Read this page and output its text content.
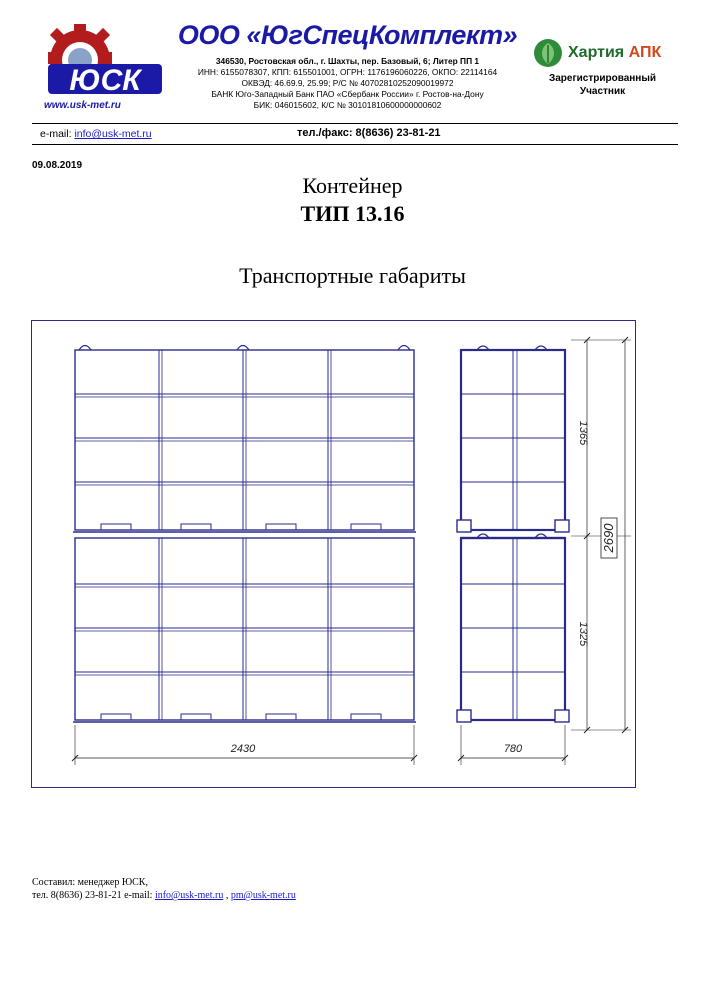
ЮСК
www.usk-met.ru
ООО «ЮгСпецКомплект»
346530, Ростовская обл., г. Шахты, пер. Базовый, 6; Литер ПП 1
ИНН: 6155078307, КПП: 615501001, ОГРН: 1176196060226, ОКПО: 22114164
ОКВЭД: 46.69.9, 25.99; Р/С № 40702810252090019972
БАНК Юго-Западный Банк ПАО «Сбербанк России» г. Ростов-на-Дону
БИК: 046015602, К/С № 30101810600000000602
Хартия АПК
Зарегистрированный
Участник
e-mail: info@usk-met.ru	тел./факс: 8(8636) 23-81-21
09.08.2019
Контейнер
ТИП 13.16
Транспортные габариты
2430	780
1365
1325
2690
Составил: менеджер ЮСК,
тел. 8(8636) 23-81-21 e-mail: info@usk-met.ru , pm@usk-met.ru
